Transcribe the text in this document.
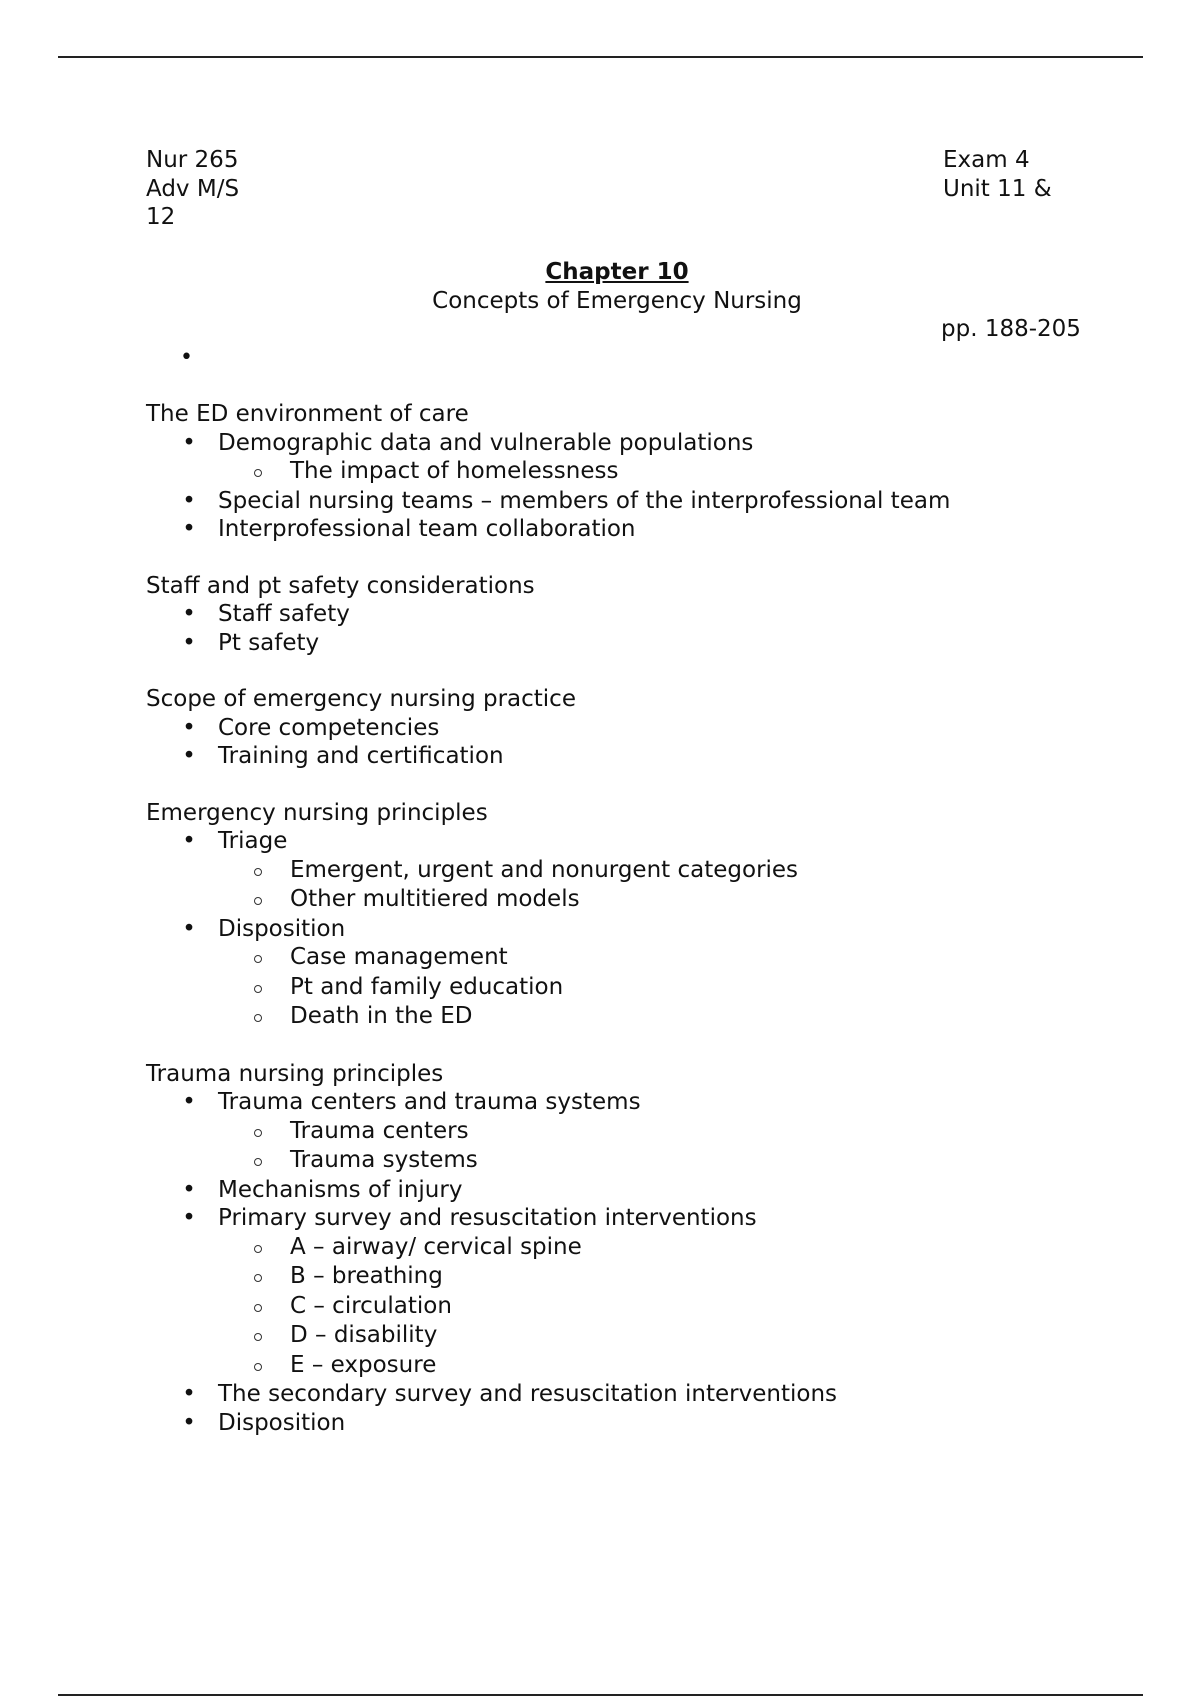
Nur 265
Adv M/S
12
Exam 4
Unit 11 &
Chapter 10
Concepts of Emergency Nursing
pp. 188-205
•
The ED environment of care
• Demographic data and vulnerable populations
The impact of homelessness
• Special nursing teams – members of the interprofessional team
• Interprofessional team collaboration
Staff and pt safety considerations
• Staff safety
• Pt safety
Scope of emergency nursing practice
• Core competencies
• Training and certification
Emergency nursing principles
• Triage
Emergent, urgent and nonurgent categories
Other multitiered models
• Disposition
Case management
Pt and family education
Death in the ED
Trauma nursing principles
• Trauma centers and trauma systems
Trauma centers
Trauma systems
• Mechanisms of injury
• Primary survey and resuscitation interventions
A – airway/ cervical spine
B – breathing
C – circulation
D – disability
E – exposure
• The secondary survey and resuscitation interventions
• Disposition
